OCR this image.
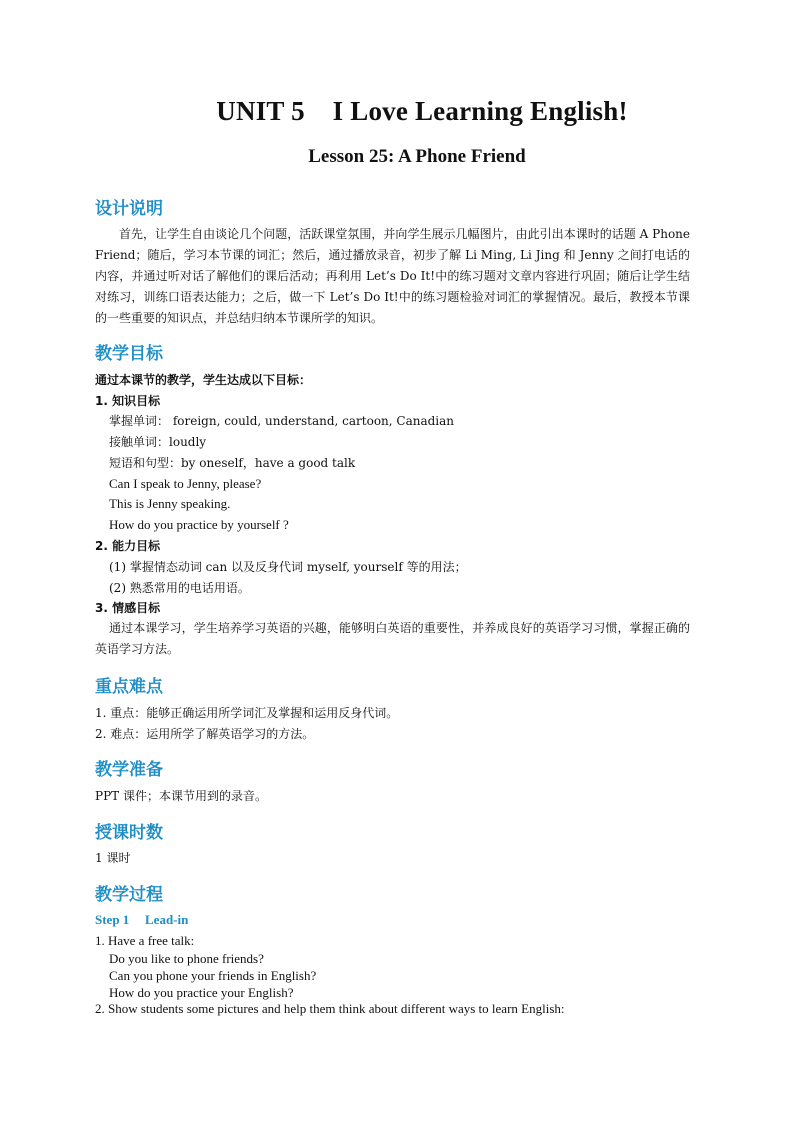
UNIT 5    I Love Learning English!
Lesson 25: A Phone Friend
设计说明
首先，让学生自由谈论几个问题，活跃课堂氛围，并向学生展示几幅图片，由此引出本课时的话题 A Phone Friend；随后，学习本节课的词汇；然后，通过播放录音，初步了解 Li Ming, Li Jing 和 Jenny 之间打电话的内容，并通过听对话了解他们的课后活动；再利用 Let’s Do It!中的练习题对文章内容进行巩固；随后让学生结对练习，训练口语表达能力；之后，做一下 Let’s Do It!中的练习题检验对词汇的掌握情况。最后，教授本节课的一些重要的知识点，并总结归纳本节课所学的知识。
教学目标
通过本课节的教学，学生达成以下目标：
1. 知识目标
掌握单词： foreign, could, understand, cartoon, Canadian
接触单词：loudly
短语和句型：by oneself，have a good talk
Can I speak to Jenny, please?
This is Jenny speaking.
How do you practice by yourself ?
2. 能力目标
(1) 掌握情态动词 can 以及反身代词 myself, yourself 等的用法；
(2) 熟悉常用的电话用语。
3. 情感目标
通过本课学习，学生培养学习英语的兴趣，能够明白英语的重要性，并养成良好的英语学习习惯，掌握正确的英语学习方法。
重点难点
1. 重点：能够正确运用所学词汇及掌握和运用反身代词。
2. 难点：运用所学了解英语学习的方法。
教学准备
PPT 课件；本课节用到的录音。
授课时数
1 课时
教学过程
Step 1 Lead-in
1. Have a free talk:
Do you like to phone friends?
Can you phone your friends in English?
How do you practice your English?
2. Show students some pictures and help them think about different ways to learn English:
